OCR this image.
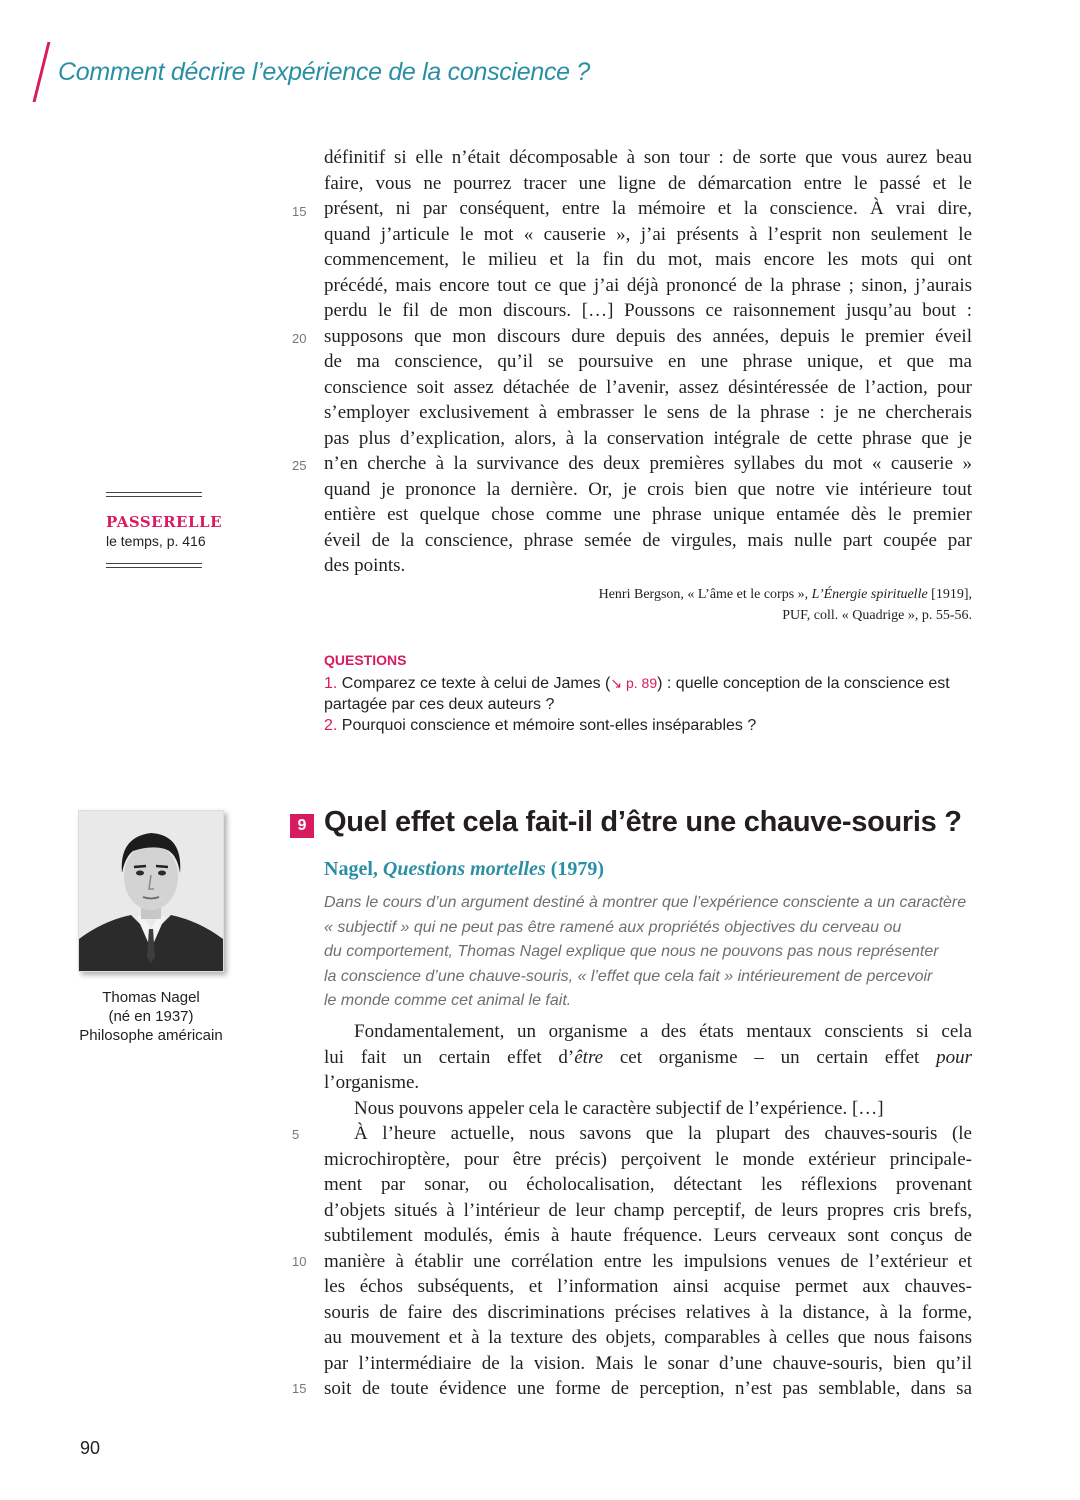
Comment décrire l’expérience de la conscience ?
définitif si elle n’était décomposable à son tour : de sorte que vous aurez beau
faire, vous ne pourrez tracer une ligne de démarcation entre le passé et le
présent, ni par conséquent, entre la mémoire et la conscience. À vrai dire,
quand j’articule le mot « causerie », j’ai présents à l’esprit non seulement le
commencement, le milieu et la fin du mot, mais encore les mots qui ont
précédé, mais encore tout ce que j’ai déjà prononcé de la phrase ; sinon, j’aurais
perdu le fil de mon discours. […] Poussons ce raisonnement jusqu’au bout :
supposons que mon discours dure depuis des années, depuis le premier éveil
de ma conscience, qu’il se poursuive en une phrase unique, et que ma
conscience soit assez détachée de l’avenir, assez désintéressée de l’action, pour
s’employer exclusivement à embrasser le sens de la phrase : je ne chercherais
pas plus d’explication, alors, à la conservation intégrale de cette phrase que je
n’en cherche à la survivance des deux premières syllabes du mot « causerie »
quand je prononce la dernière. Or, je crois bien que notre vie intérieure tout
entière est quelque chose comme une phrase unique entamée dès le premier
éveil de la conscience, phrase semée de virgules, mais nulle part coupée par
des points.
15
20
25
Henri Bergson, « L’âme et le corps », L’Énergie spirituelle [1919],
PUF, coll. « Quadrige », p. 55-56.
QUESTIONS
1. Comparez ce texte à celui de James (↘ p. 89) : quelle conception de la conscience est partagée par ces deux auteurs ?
2. Pourquoi conscience et mémoire sont-elles inséparables ?
PASSERELLE
le temps, p. 416
Thomas Nagel
(né en 1937)
Philosophe américain
9 Quel effet cela fait-il d’être une chauve-souris ?
Nagel, Questions mortelles (1979)
Dans le cours d’un argument destiné à montrer que l’expérience consciente a un caractère
« subjectif » qui ne peut pas être ramené aux propriétés objectives du cerveau ou
du comportement, Thomas Nagel explique que nous ne pouvons pas nous représenter
la conscience d’une chauve-souris, « l’effet que cela fait » intérieurement de percevoir
le monde comme cet animal le fait.
Fondamentalement, un organisme a des états mentaux conscients si cela
lui fait un certain effet d’être cet organisme – un certain effet pour
l’organisme.
Nous pouvons appeler cela le caractère subjectif de l’expérience. […]
À l’heure actuelle, nous savons que la plupart des chauves-souris (le
microchiroptère, pour être précis) perçoivent le monde extérieur principale-
ment par sonar, ou écholocalisation, détectant les réflexions provenant
d’objets situés à l’intérieur de leur champ perceptif, de leurs propres cris brefs,
subtilement modulés, émis à haute fréquence. Leurs cerveaux sont conçus de
manière à établir une corrélation entre les impulsions venues de l’extérieur et
les échos subséquents, et l’information ainsi acquise permet aux chauves-
souris de faire des discriminations précises relatives à la distance, à la forme,
au mouvement et à la texture des objets, comparables à celles que nous faisons
par l’intermédiaire de la vision. Mais le sonar d’une chauve-souris, bien qu’il
soit de toute évidence une forme de perception, n’est pas semblable, dans sa
5
10
15
90
